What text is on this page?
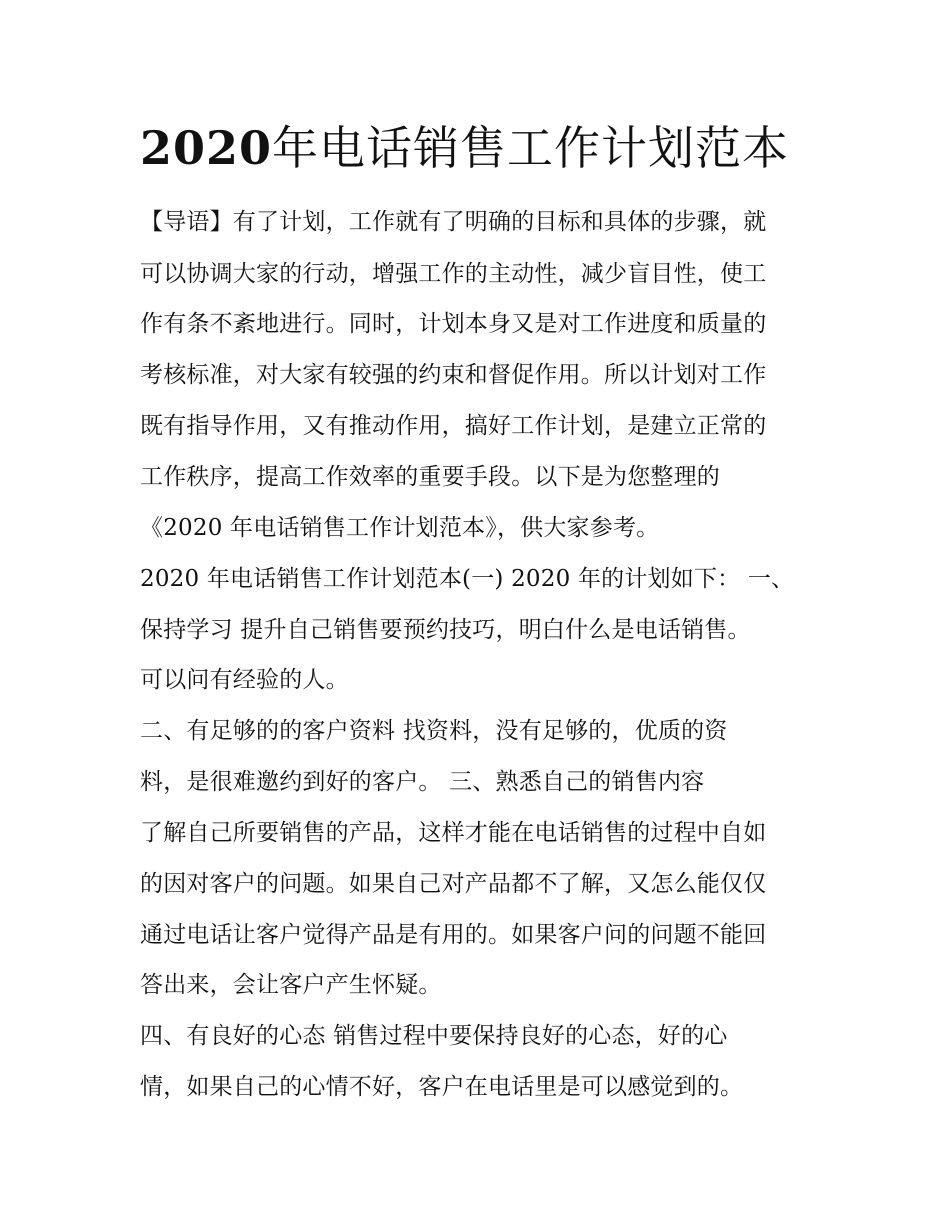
2020年电话销售工作计划范本

【导语】有了计划，工作就有了明确的目标和具体的步骤，就

可以协调大家的行动，增强工作的主动性，减少盲目性，使工

作有条不紊地进行。同时，计划本身又是对工作进度和质量的

考核标准，对大家有较强的约束和督促作用。所以计划对工作

既有指导作用，又有推动作用，搞好工作计划，是建立正常的

工作秩序，提高工作效率的重要手段。以下是为您整理的

《2020 年电话销售工作计划范本》，供大家参考。

2020 年电话销售工作计划范本(一) 2020 年的计划如下： 一、

保持学习 提升自己销售要预约技巧，明白什么是电话销售。

可以问有经验的人。

二、有足够的的客户资料 找资料，没有足够的，优质的资

料，是很难邀约到好的客户。 三、熟悉自己的销售内容

了解自己所要销售的产品，这样才能在电话销售的过程中自如

的因对客户的问题。如果自己对产品都不了解，又怎么能仅仅

通过电话让客户觉得产品是有用的。如果客户问的问题不能回

答出来，会让客户产生怀疑。

四、有良好的心态 销售过程中要保持良好的心态，好的心

情，如果自己的心情不好，客户在电话里是可以感觉到的。
